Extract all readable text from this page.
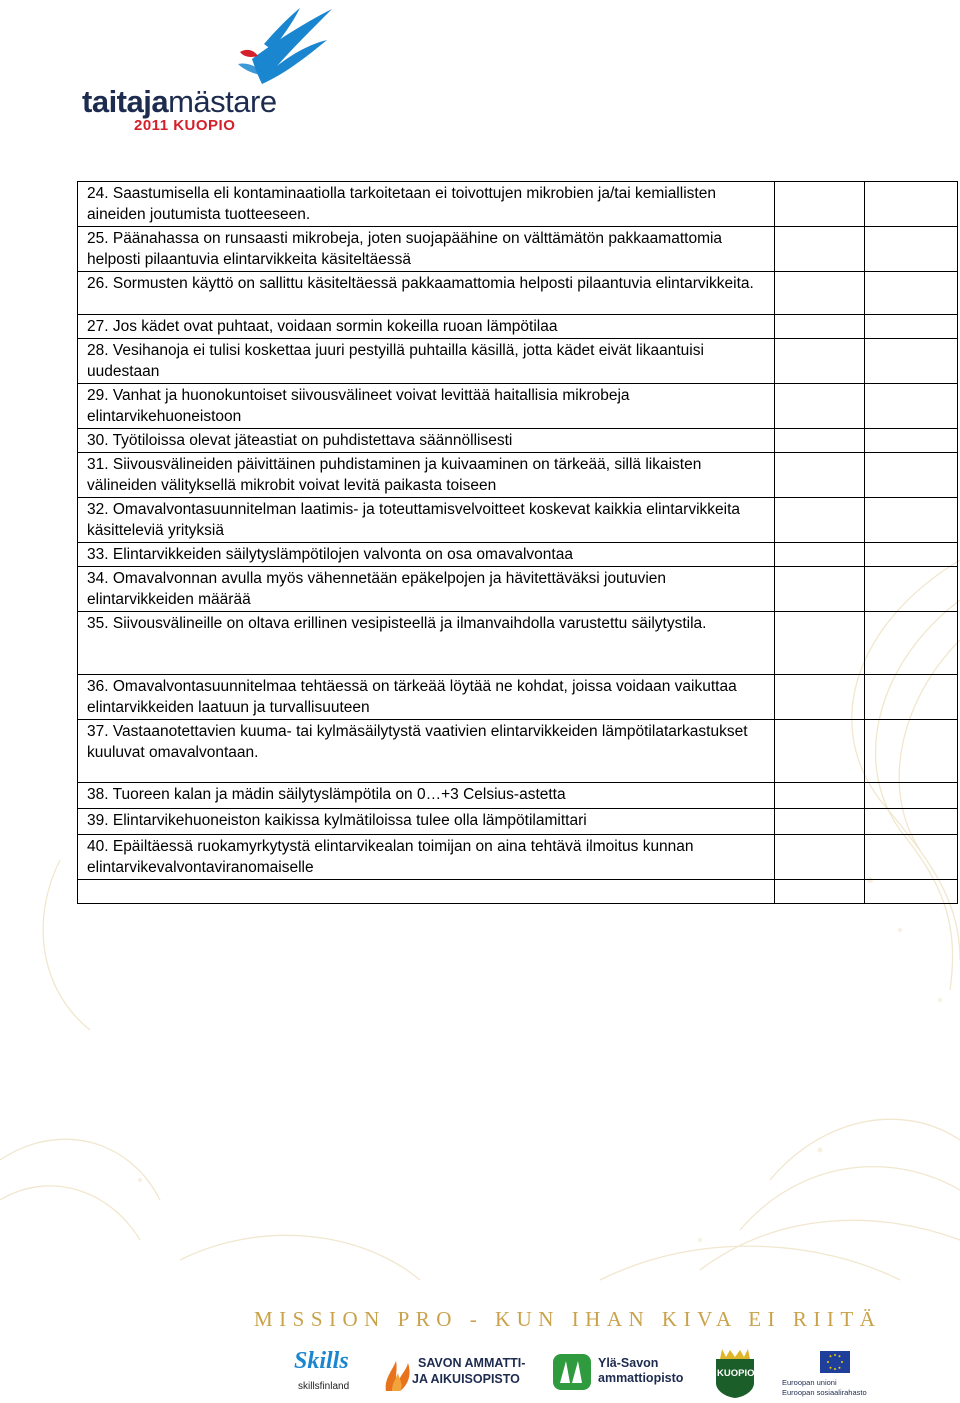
taitajamästare
2011 KUOPIO
24. Saastumisella eli kontaminaatiolla tarkoitetaan ei toivottujen mikrobien ja/tai kemiallisten aineiden joutumista tuotteeseen.		

25. Päänahassa on runsaasti mikrobeja, joten suojapäähine on välttämätön pakkaamattomia helposti pilaantuvia elintarvikkeita käsiteltäessä		

26. Sormusten käyttö on sallittu käsiteltäessä pakkaamattomia helposti pilaantuvia elintarvikkeita.		

27. Jos kädet ovat puhtaat, voidaan sormin kokeilla ruoan lämpötilaa		

28. Vesihanoja ei tulisi koskettaa juuri pestyillä puhtailla käsillä, jotta kädet eivät likaantuisi uudestaan		

29. Vanhat ja huonokuntoiset siivousvälineet voivat levittää haitallisia mikrobeja elintarvikehuoneistoon		

30. Työtiloissa olevat jäteastiat on puhdistettava säännöllisesti		

31. Siivousvälineiden päivittäinen puhdistaminen ja kuivaaminen on tärkeää, sillä likaisten välineiden välityksellä mikrobit voivat levitä paikasta toiseen		

32. Omavalvontasuunnitelman laatimis- ja toteuttamisvelvoitteet koskevat kaikkia elintarvikkeita käsitteleviä yrityksiä		

33. Elintarvikkeiden säilytyslämpötilojen valvonta on osa omavalvontaa		

34. Omavalvonnan avulla myös vähennetään epäkelpojen ja hävitettäväksi joutuvien elintarvikkeiden määrää		

35. Siivousvälineille on oltava erillinen vesipisteellä ja ilmanvaihdolla varustettu säilytystila.		

36. Omavalvontasuunnitelmaa tehtäessä on tärkeää löytää ne kohdat, joissa voidaan vaikuttaa elintarvikkeiden laatuun ja turvallisuuteen		

37. Vastaanotettavien kuuma- tai kylmäsäilytystä vaativien elintarvikkeiden lämpötilatarkastukset kuuluvat omavalvontaan.		

38. Tuoreen kalan ja mädin säilytyslämpötila on 0…+3 Celsius-astetta		

39. Elintarvikehuoneiston kaikissa kylmätiloissa tulee olla lämpötilamittari		

40. Epäiltäessä ruokamyrkytystä elintarvikealan toimijan on aina tehtävä ilmoitus kunnan elintarvikevalvontaviranomaiselle		

MISSION PRO - KUN IHAN KIVA EI RIITÄ
Skills
skillsfinland
SAVON AMMATTI-
JA AIKUISOPISTO
Ylä-Savon
ammattiopisto	KUOPIO
Euroopan unioni
Euroopan sosiaalirahasto
